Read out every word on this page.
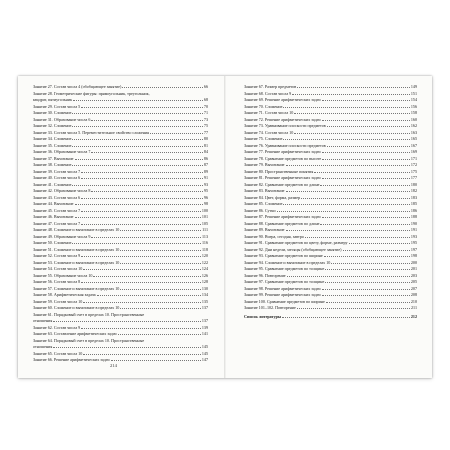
Занятие 27. Состав числа 4 (обобщающее занятие)	66
Занятие 28. Геометрические фигуры: прямоугольник, треугольник,
квадрат, пятиугольник	68
Занятие 29. Состав числа 5	70
Занятие 30. Сложение	71
Занятие 31. Образование числа 6	73
Занятие 32. Сложение	75
Занятие 33. Состав числа 5. Переместительное свойство сложения	77
Занятие 34. Сложение	80
Занятие 35. Сложение	81
Занятие 36. Образование числа 7	84
Занятие 37. Вычитание	86
Занятие 38. Сложение	87
Занятие 39. Состав числа 7	89
Занятие 40. Состав числа 6	91
Занятие 41. Сложение	93
Занятие 42. Образование числа 8	95
Занятие 43. Состав числа 6	96
Занятие 44. Вычитание	98
Занятие 45. Состав числа 7	100
Занятие 46. Вычитание	101
Занятие 47. Состав числа 7	105
Занятие 48. Сложение и вычитание в пределах 10	111
Занятие 49. Образование числа 9	113
Занятие 50. Сложение	116
Занятие 51. Сложение и вычитание в пределах 10	118
Занятие 52. Состав числа 9	120
Занятие 53. Сложение и вычитание в пределах 10	122
Занятие 54. Состав числа 10	124
Занятие 55. Образование числа 10	126
Занятие 56. Состав числа 8	128
Занятие 57. Сложение и вычитание в пределах 10	130
Занятие 58. Арифметическая задача	134
Занятие 59. Состав числа 10	135
Занятие 60. Сложение и вычитание в пределах 10	137
Занятие 61. Порядковый счет в пределах 10. Пространственные
отношения	137
Занятие 62. Состав числа 9	139
Занятие 63. Составление арифметических задач	141
Занятие 64. Порядковый счет в пределах 10. Пространственные
отношения	145
Занятие 65. Состав числа 10	145
Занятие 66. Решение арифметических задач	147
Занятие 67. Размер предметов	149
Занятие 68. Состав числа 9	151
Занятие 69. Решение арифметических задач	154
Занятие 70. Сложение	156
Занятие 71. Состав числа 10	158
Занятие 72. Решение арифметических задач	160
Занятие 73. Уравнивание плоскости предметов	162
Занятие 74. Состав числа 10	163
Занятие 75. Сложение	165
Занятие 76. Уравнивание плоскости предметов	167
Занятие 77. Решение арифметических задач	169
Занятие 78. Сравнение предметов по высоте	171
Занятие 79. Вычитание	172
Занятие 80. Пространственные понятия	175
Занятие 81. Решение арифметических задач	177
Занятие 82. Сравнение предметов по длине	180
Занятие 83. Вычитание	182
Занятие 84. Цвет, форма, размер	183
Занятие 85. Сложение	185
Занятие 86. Сутки	186
Занятие 87. Решение арифметических задач	188
Занятие 88. Сравнение предметов по длине	190
Занятие 89. Вычитание	191
Занятие 90. Вчера, сегодня, завтра	193
Занятие 91. Сравнение предметов по цвету, форме, размеру	195
Занятие 92. Дни недели, месяцы (обобщающее занятие)	197
Занятие 93. Сравнение предметов по ширине	198
Занятие 94. Сложение и вычитание в пределах 10	200
Занятие 95. Сравнение предметов по толщине	201
Занятие 96. Повторение	203
Занятие 97. Сравнение предметов по толщине	205
Занятие 98. Решение арифметических задач	207
Занятие 99. Решение арифметических задач	208
Занятие 100. Сравнение предметов по ширине	210
Занятие 101–102. Повторение	211
Список литературы	212
214
